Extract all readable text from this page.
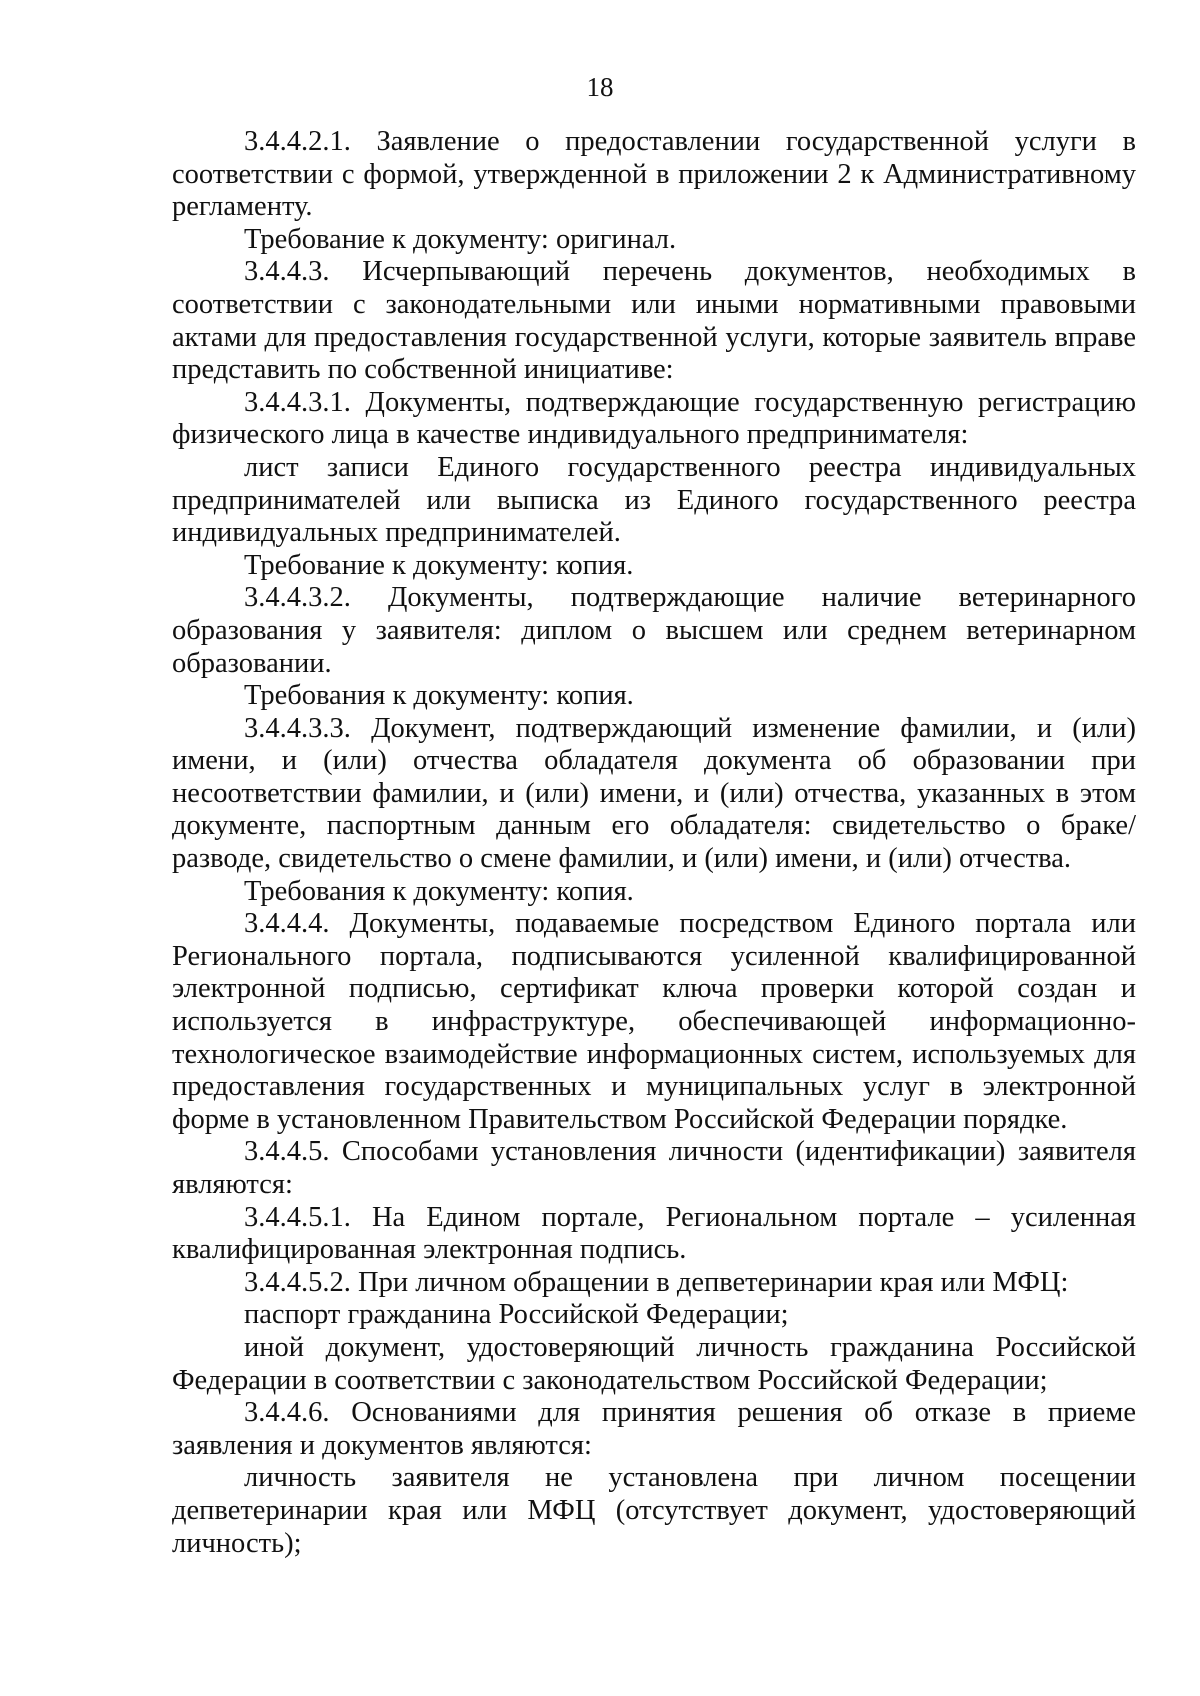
18

3.4.4.2.1. Заявление о предоставлении государственной услуги в соответствии с формой, утвержденной в приложении 2 к Административному регламенту.

Требование к документу: оригинал.

3.4.4.3. Исчерпывающий перечень документов, необходимых в соответствии с законодательными или иными нормативными правовыми актами для предоставления государственной услуги, которые заявитель вправе представить по собственной инициативе:

3.4.4.3.1. Документы, подтверждающие государственную регистрацию физического лица в качестве индивидуального предпринимателя:

лист записи Единого государственного реестра индивидуальных предпринимателей или выписка из Единого государственного реестра индивидуальных предпринимателей.

Требование к документу: копия.

3.4.4.3.2. Документы, подтверждающие наличие ветеринарного образования у заявителя: диплом о высшем или среднем ветеринарном образовании.

Требования к документу: копия.

3.4.4.3.3. Документ, подтверждающий изменение фамилии, и (или) имени, и (или) отчества обладателя документа об образовании при несоответствии фамилии, и (или) имени, и (или) отчества, указанных в этом документе, паспортным данным его обладателя: свидетельство о браке/разводе, свидетельство о смене фамилии, и (или) имени, и (или) отчества.

Требования к документу: копия.

3.4.4.4. Документы, подаваемые посредством Единого портала или Регионального портала, подписываются усиленной квалифицированной электронной подписью, сертификат ключа проверки которой создан и используется в инфраструктуре, обеспечивающей информационно-технологическое взаимодействие информационных систем, используемых для предоставления государственных и муниципальных услуг в электронной форме в установленном Правительством Российской Федерации порядке.

3.4.4.5. Способами установления личности (идентификации) заявителя являются:

3.4.4.5.1. На Едином портале, Региональном портале – усиленная квалифицированная электронная подпись.

3.4.4.5.2. При личном обращении в депветеринарии края или МФЦ:

паспорт гражданина Российской Федерации;

иной документ, удостоверяющий личность гражданина Российской Федерации в соответствии с законодательством Российской Федерации;

3.4.4.6. Основаниями для принятия решения об отказе в приеме заявления и документов являются:

личность заявителя не установлена при личном посещении депветеринарии края или МФЦ (отсутствует документ, удостоверяющий личность);
